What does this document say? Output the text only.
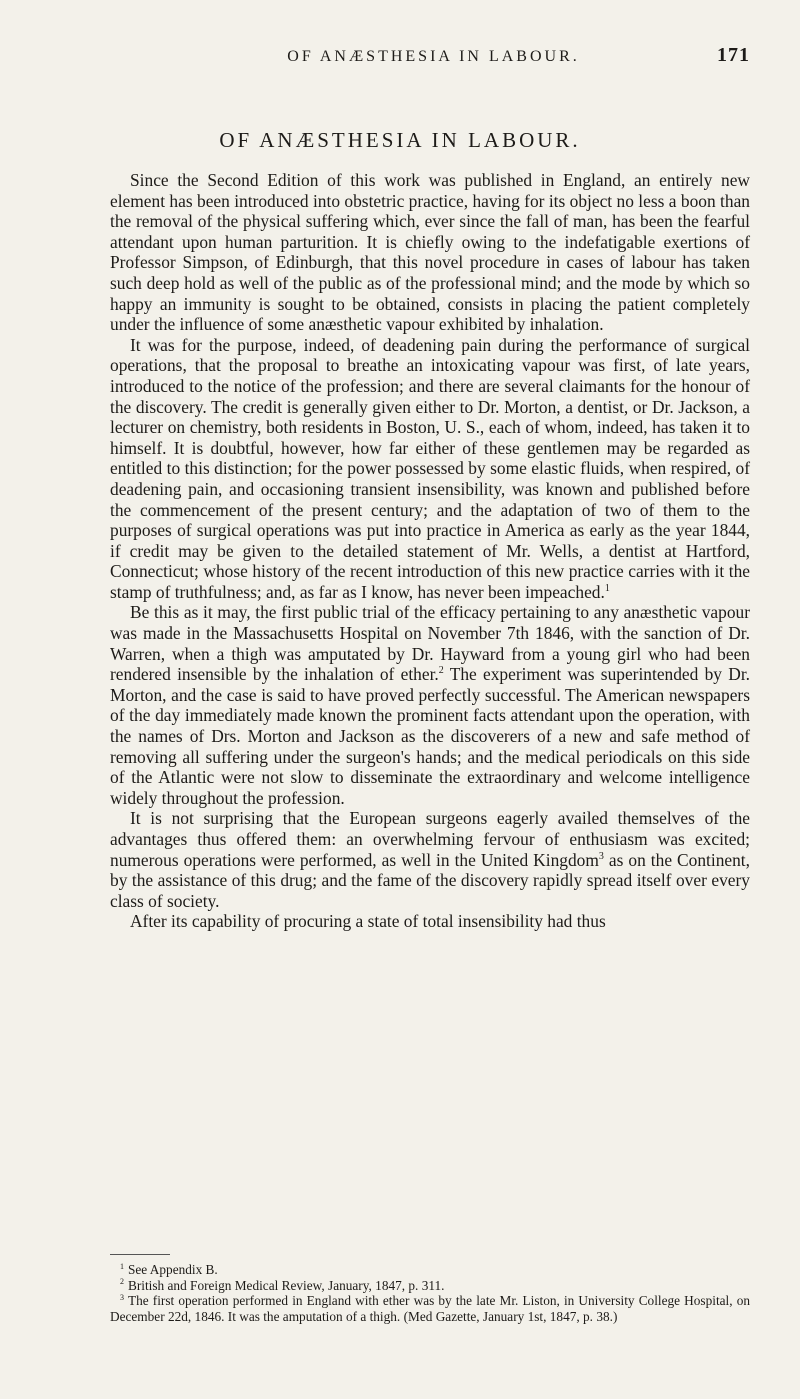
OF ANÆSTHESIA IN LABOUR.	171
OF ANÆSTHESIA IN LABOUR.

Since the Second Edition of this work was published in England, an entirely new element has been introduced into obstetric practice, having for its object no less a boon than the removal of the physical suffering which, ever since the fall of man, has been the fearful attendant upon human parturition. It is chiefly owing to the indefatigable exertions of Professor Simpson, of Edinburgh, that this novel procedure in cases of labour has taken such deep hold as well of the public as of the professional mind; and the mode by which so happy an immunity is sought to be obtained, consists in placing the patient completely under the influence of some anæsthetic vapour exhibited by inhalation.

It was for the purpose, indeed, of deadening pain during the performance of surgical operations, that the proposal to breathe an intoxicating vapour was first, of late years, introduced to the notice of the profession; and there are several claimants for the honour of the discovery. The credit is generally given either to Dr. Morton, a dentist, or Dr. Jackson, a lecturer on chemistry, both residents in Boston, U. S., each of whom, indeed, has taken it to himself. It is doubtful, however, how far either of these gentlemen may be regarded as entitled to this distinction; for the power possessed by some elastic fluids, when respired, of deadening pain, and occasioning transient insensibility, was known and published before the commencement of the present century; and the adaptation of two of them to the purposes of surgical operations was put into practice in America as early as the year 1844, if credit may be given to the detailed statement of Mr. Wells, a dentist at Hartford, Connecticut; whose history of the recent introduction of this new practice carries with it the stamp of truthfulness; and, as far as I know, has never been impeached.$^1$

Be this as it may, the first public trial of the efficacy pertaining to any anæsthetic vapour was made in the Massachusetts Hospital on November 7th 1846, with the sanction of Dr. Warren, when a thigh was amputated by Dr. Hayward from a young girl who had been rendered insensible by the inhalation of ether.$^2$ The experiment was superintended by Dr. Morton, and the case is said to have proved perfectly successful. The American newspapers of the day immediately made known the prominent facts attendant upon the operation, with the names of Drs. Morton and Jackson as the discoverers of a new and safe method of removing all suffering under the surgeon's hands; and the medical periodicals on this side of the Atlantic were not slow to disseminate the extraordinary and welcome intelligence widely throughout the profession.

It is not surprising that the European surgeons eagerly availed themselves of the advantages thus offered them: an overwhelming fervour of enthusiasm was excited; numerous operations were performed, as well in the United Kingdom$^3$ as on the Continent, by the assistance of this drug; and the fame of the discovery rapidly spread itself over every class of society.

After its capability of procuring a state of total insensibility had thus

$^1$ See Appendix B.

$^2$ British and Foreign Medical Review, January, 1847, p. 311.

$^3$ The first operation performed in England with ether was by the late Mr. Liston, in University College Hospital, on December 22d, 1846. It was the amputation of a thigh. (Med Gazette, January 1st, 1847, p. 38.)
